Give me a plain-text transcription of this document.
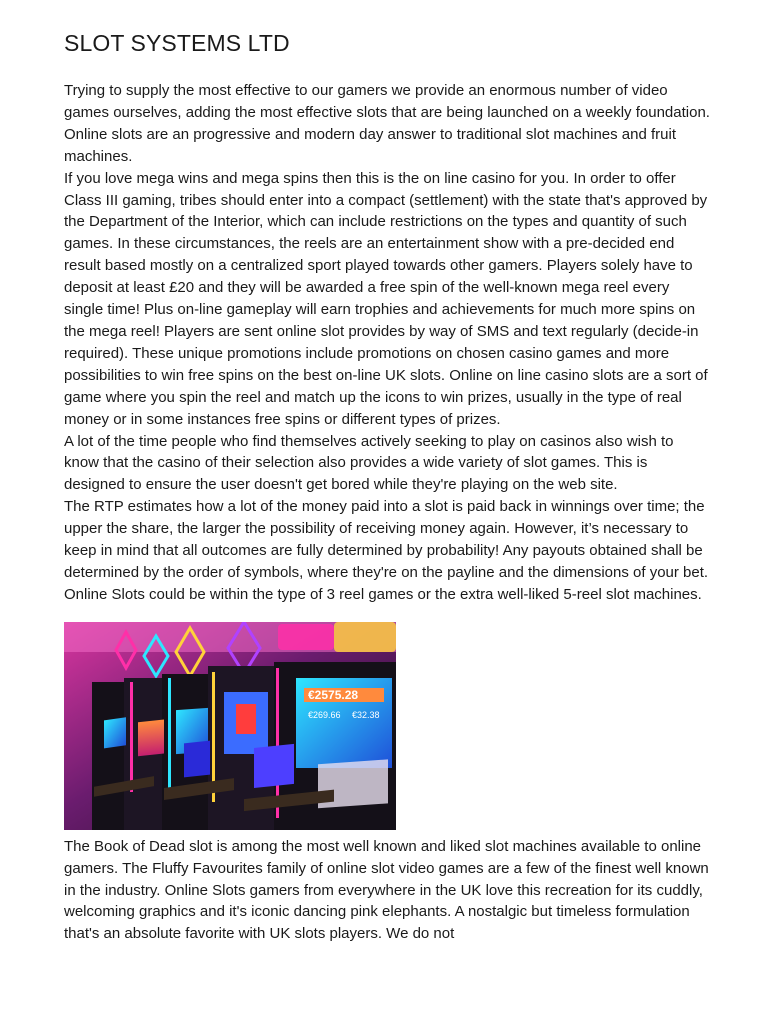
SLOT SYSTEMS LTD

Trying to supply the most effective to our gamers we provide an enormous number of video games ourselves, adding the most effective slots that are being launched on a weekly foundation. Online slots are an progressive and modern day answer to traditional slot machines and fruit machines.

If you love mega wins and mega spins then this is the on line casino for you. In order to offer Class III gaming, tribes should enter into a compact (settlement) with the state that's approved by the Department of the Interior, which can include restrictions on the types and quantity of such games. In these circumstances, the reels are an entertainment show with a pre-decided end result based mostly on a centralized sport played towards other gamers. Players solely have to deposit at least £20 and they will be awarded a free spin of the well-known mega reel every single time! Plus on-line gameplay will earn trophies and achievements for much more spins on the mega reel! Players are sent online slot provides by way of SMS and text regularly (decide-in required). These unique promotions include promotions on chosen casino games and more possibilities to win free spins on the best on-line UK slots. Online on line casino slots are a sort of game where you spin the reel and match up the icons to win prizes, usually in the type of real money or in some instances free spins or different types of prizes.

A lot of the time people who find themselves actively seeking to play on casinos also wish to know that the casino of their selection also provides a wide variety of slot games. This is designed to ensure the user doesn't get bored while they're playing on the web site.

The RTP estimates how a lot of the money paid into a slot is paid back in winnings over time; the upper the share, the larger the possibility of receiving money again. However, it’s necessary to keep in mind that all outcomes are fully determined by probability! Any payouts obtained shall be determined by the order of symbols, where they're on the payline and the dimensions of your bet. Online Slots could be within the type of 3 reel games or the extra well-liked 5-reel slot machines.

€2575.28
€269.66 €32.38

The Book of Dead slot is among the most well known and liked slot machines available to online gamers. The Fluffy Favourites family of online slot video games are a few of the finest well known in the industry. Online Slots gamers from everywhere in the UK love this recreation for its cuddly, welcoming graphics and it's iconic dancing pink elephants. A nostalgic but timeless formulation that's an absolute favorite with UK slots players. We do not
